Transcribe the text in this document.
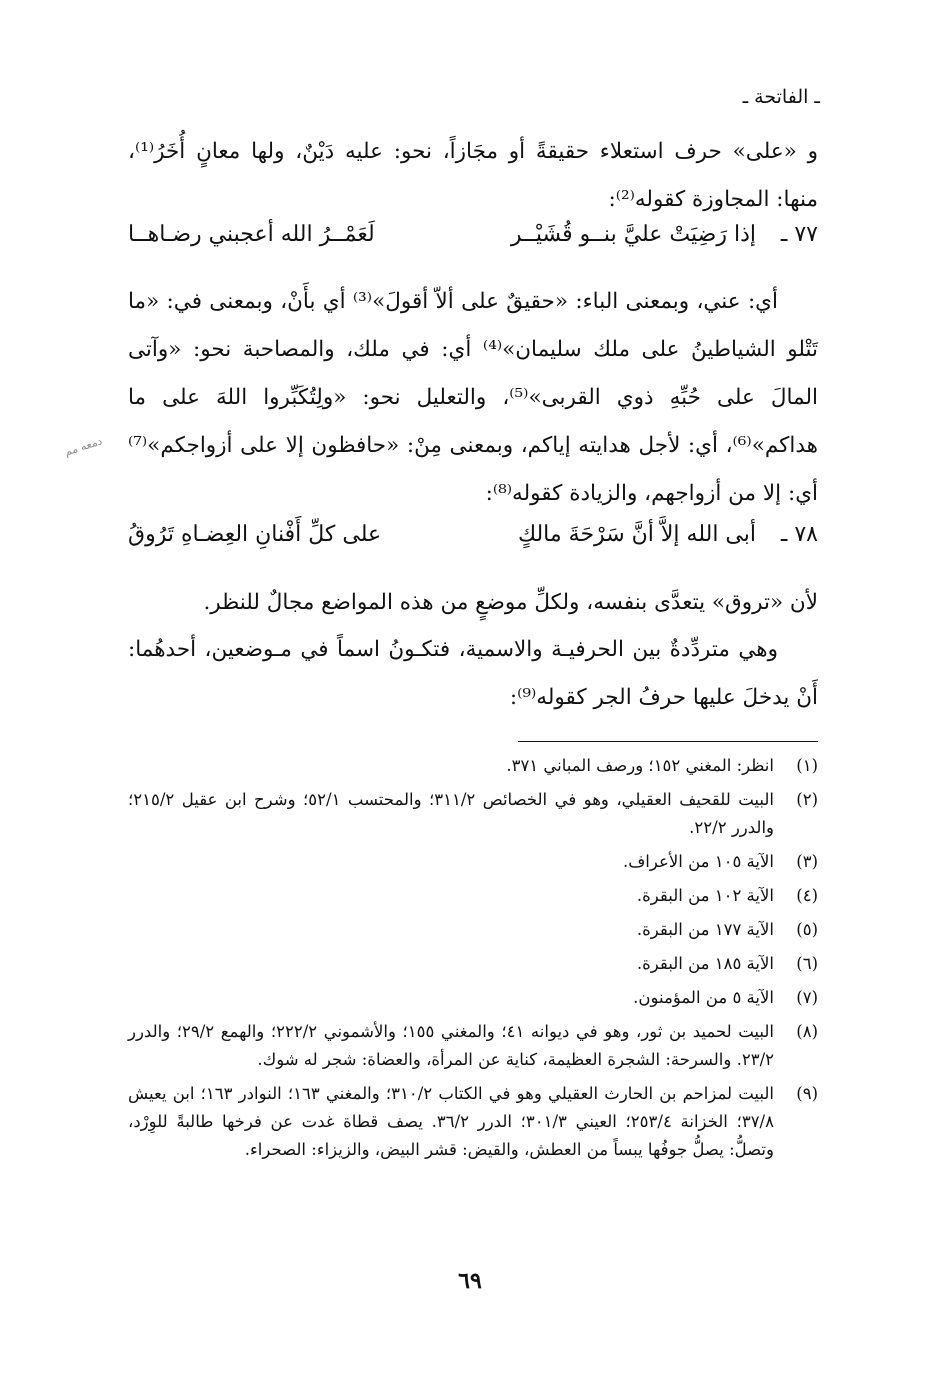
ـ الفاتحة ـ

و «على» حرف استعلاء حقيقةً أو مجَازاً، نحو: عليه دَيْنٌ، ولها معانٍ أُخَرُ⁽¹⁾، منها: المجاوزة كقوله⁽²⁾:

٧٧ ـ
إذا رَضِيَتْ عليَّ بنــو قُشَيْــر
لَعَمْــرُ الله أعجبني رضـاهــا

أي: عني، وبمعنى الباء: «حقيقٌ على ألاّ أقولَ»⁽³⁾ أي بأَنْ، وبمعنى في: «ما تَتْلو الشياطينُ على ملك سليمان»⁽⁴⁾ أي: في ملك، والمصاحبة نحو: «وآتى المالَ على حُبِّهِ ذوي القربى»⁽⁵⁾، والتعليل نحو: «ولِتُكَبِّروا اللهَ على ما هداكم»⁽⁶⁾، أي: لأجل هدايته إياكم، وبمعنى مِنْ: «حافظون إلا على أزواجكم»⁽⁷⁾ أي: إلا من أزواجهم، والزيادة كقوله⁽⁸⁾:

دمعه مم
٧٨ ـ
أبى الله إلاَّ أنَّ سَرْحَةَ مالكٍ
على كلِّ أَفْنانِ العِضـاهِ تَرُوقُ

لأن «تروق» يتعدَّى بنفسه، ولكلِّ موضعٍ من هذه المواضع مجالٌ للنظر.

وهي متردِّدةٌ بين الحرفيـة والاسمية، فتكـونُ اسماً في مـوضعين، أحدهُما: أَنْ يدخلَ عليها حرفُ الجر كقوله⁽⁹⁾:

(١)
انظر: المغني ١٥٢؛ ورصف المباني ٣٧١.
(٢)
البيت للقحيف العقيلي، وهو في الخصائص ٣١١/٢؛ والمحتسب ٥٢/١؛ وشرح ابن عقيل ٢١٥/٢؛ والدرر ٢٢/٢.
(٣)
الآية ١٠٥ من الأعراف.
(٤)
الآية ١٠٢ من البقرة.
(٥)
الآية ١٧٧ من البقرة.
(٦)
الآية ١٨٥ من البقرة.
(٧)
الآية ٥ من المؤمنون.
(٨)
البيت لحميد بن ثور، وهو في ديوانه ٤١؛ والمغني ١٥٥؛ والأشموني ٢٢٢/٢؛ والهمع ٢٩/٢؛ والدرر ٢٣/٢. والسرحة: الشجرة العظيمة، كناية عن المرأة، والعضاة: شجر له شوك.
(٩)
البيت لمزاحم بن الحارث العقيلي وهو في الكتاب ٣١٠/٢؛ والمغني ١٦٣؛ النوادر ١٦٣؛ ابن يعيش ٣٧/٨؛ الخزانة ٢٥٣/٤؛ العيني ٣٠١/٣؛ الدرر ٣٦/٢. يصف قطاة غدت عن فرخها طالبةً للوِرْد، وتصلُّ: يصلُّ جوفُها يبساً من العطش، والقيض: قشر البيض، والزيزاء: الصحراء.
٦٩
